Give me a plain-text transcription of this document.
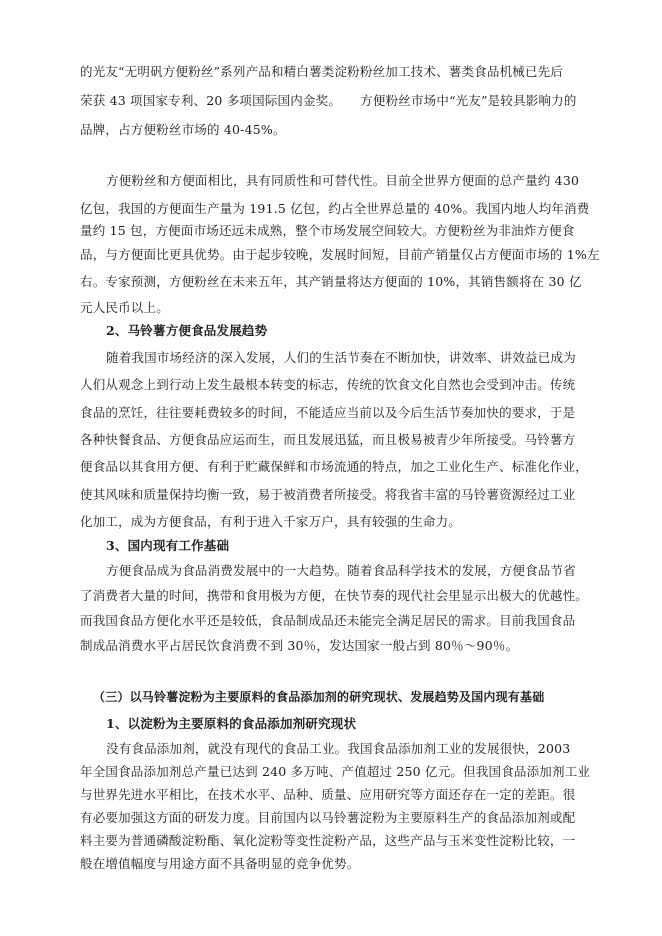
的光友“无明矾方便粉丝”系列产品和精白薯类淀粉粉丝加工技术、薯类食品机械已先后
荣获 43 项国家专利、20 多项国际国内金奖。　　方便粉丝市场中“光友”是较具影响力的
品牌，占方便粉丝市场的 40-45%。
方便粉丝和方便面相比，具有同质性和可替代性。目前全世界方便面的总产量约 430
亿包，我国的方便面生产量为 191.5 亿包，约占全世界总量的 40%。我国内地人均年消费
量约 15 包，方便面市场还远未成熟，整个市场发展空间较大。方便粉丝为非油炸方便食
品，与方便面比更具优势。由于起步较晚，发展时间短，目前产销量仅占方便面市场的 1%左
右。专家预测，方便粉丝在未来五年，其产销量将达方便面的 10%，其销售额将在 30 亿
元人民币以上。
2、马铃薯方便食品发展趋势
随着我国市场经济的深入发展，人们的生活节奏在不断加快，讲效率、讲效益已成为
人们从观念上到行动上发生最根本转变的标志，传统的饮食文化自然也会受到冲击。传统
食品的烹饪，往往要耗费较多的时间，不能适应当前以及今后生活节奏加快的要求，于是
各种快餐食品、方便食品应运而生，而且发展迅猛，而且极易被青少年所接受。马铃薯方
便食品以其食用方便、有利于贮藏保鲜和市场流通的特点，加之工业化生产、标准化作业，
使其风味和质量保持均衡一致，易于被消费者所接受。将我省丰富的马铃薯资源经过工业
化加工，成为方便食品，有利于进入千家万户，具有较强的生命力。
3、国内现有工作基础
方便食品成为食品消费发展中的一大趋势。随着食品科学技术的发展，方便食品节省
了消费者大量的时间，携带和食用极为方便，在快节奏的现代社会里显示出极大的优越性。
而我国食品方便化水平还是较低，食品制成品还未能完全满足居民的需求。目前我国食品
制成品消费水平占居民饮食消费不到 30％，发达国家一般占到 80％～90％。
（三）以马铃薯淀粉为主要原料的食品添加剂的研究现状、发展趋势及国内现有基础
1、以淀粉为主要原料的食品添加剂研究现状
没有食品添加剂，就没有现代的食品工业。我国食品添加剂工业的发展很快，2003
年全国食品添加剂总产量已达到 240 多万吨、产值超过 250 亿元。但我国食品添加剂工业
与世界先进水平相比，在技术水平、品种、质量、应用研究等方面还存在一定的差距。很
有必要加强这方面的研发力度。目前国内以马铃薯淀粉为主要原料生产的食品添加剂或配
料主要为普通磷酸淀粉酯、氧化淀粉等变性淀粉产品，这些产品与玉米变性淀粉比较，一
般在增值幅度与用途方面不具备明显的竞争优势。
